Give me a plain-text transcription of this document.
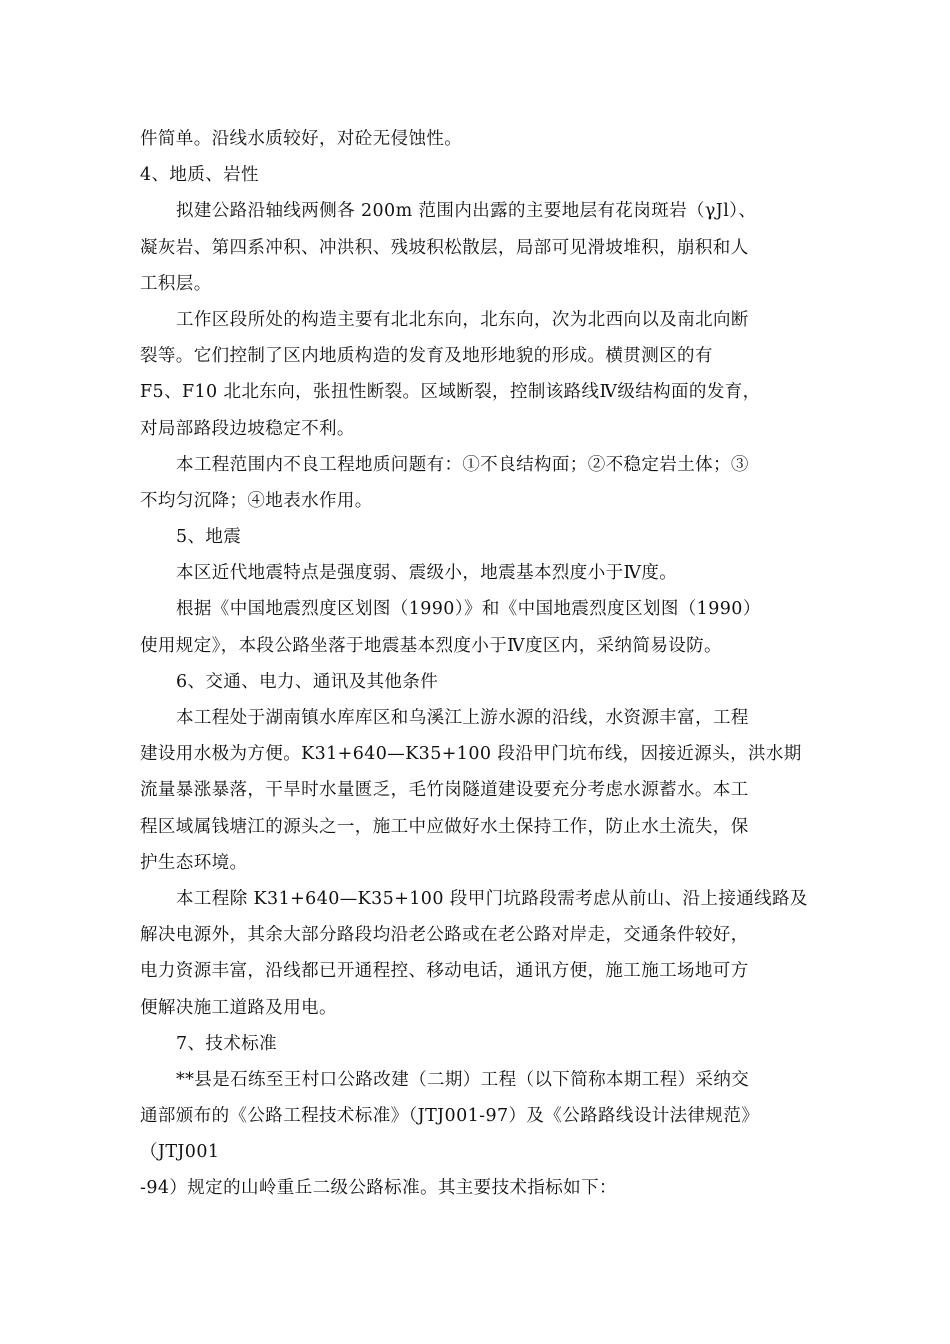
件简单。沿线水质较好，对砼无侵蚀性。
4、地质、岩性
拟建公路沿轴线两侧各 200m 范围内出露的主要地层有花岗斑岩（γJl）、
凝灰岩、第四系冲积、冲洪积、残坡积松散层，局部可见滑坡堆积，崩积和人
工积层。
工作区段所处的构造主要有北北东向，北东向，次为北西向以及南北向断
裂等。它们控制了区内地质构造的发育及地形地貌的形成。横贯测区的有
F5、F10 北北东向，张扭性断裂。区域断裂，控制该路线Ⅳ级结构面的发育，
对局部路段边坡稳定不利。
本工程范围内不良工程地质问题有：①不良结构面；②不稳定岩土体；③
不均匀沉降；④地表水作用。
5、地震
本区近代地震特点是强度弱、震级小，地震基本烈度小于Ⅳ度。
根据《中国地震烈度区划图（1990）》和《中国地震烈度区划图（1990）
使用规定》，本段公路坐落于地震基本烈度小于Ⅳ度区内，采纳简易设防。
6、交通、电力、通讯及其他条件
本工程处于湖南镇水库库区和乌溪江上游水源的沿线，水资源丰富，工程
建设用水极为方便。K31+640—K35+100 段沿甲门坑布线，因接近源头，洪水期
流量暴涨暴落，干旱时水量匮乏，毛竹岗隧道建设要充分考虑水源蓄水。本工
程区域属钱塘江的源头之一，施工中应做好水土保持工作，防止水土流失，保
护生态环境。
本工程除 K31+640—K35+100 段甲门坑路段需考虑从前山、沿上接通线路及
解决电源外，其余大部分路段均沿老公路或在老公路对岸走，交通条件较好，
电力资源丰富，沿线都已开通程控、移动电话，通讯方便，施工施工场地可方
便解决施工道路及用电。
7、技术标准
**县是石练至王村口公路改建（二期）工程（以下简称本期工程）采纳交
通部颁布的《公路工程技术标准》（JTJ001-97）及《公路路线设计法律规范》
（JTJ001
-94）规定的山岭重丘二级公路标准。其主要技术指标如下：
